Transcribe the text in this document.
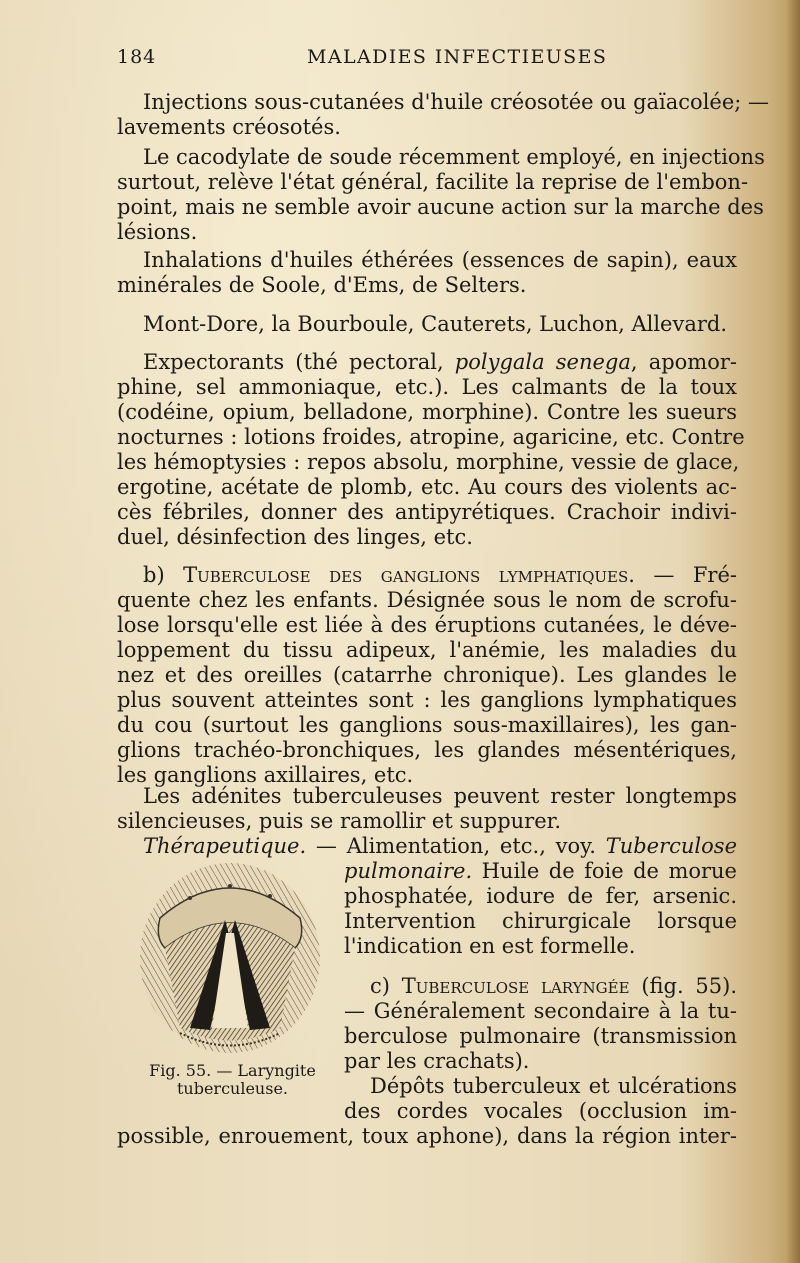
184	MALADIES INFECTIEUSES
Injections sous-cutanées d'huile créosotée ou gaïacolée; —
lavements créosotés.
Le cacodylate de soude récemment employé, en injections
surtout, relève l'état général, facilite la reprise de l'embon-
point, mais ne semble avoir aucune action sur la marche des
lésions.
Inhalations d'huiles éthérées (essences de sapin), eaux
minérales de Soole, d'Ems, de Selters.
Mont-Dore, la Bourboule, Cauterets, Luchon, Allevard.
Expectorants (thé pectoral, polygala senega, apomor-
phine, sel ammoniaque, etc.). Les calmants de la toux
(codéine, opium, belladone, morphine). Contre les sueurs
nocturnes : lotions froides, atropine, agaricine, etc. Contre
les hémoptysies : repos absolu, morphine, vessie de glace,
ergotine, acétate de plomb, etc. Au cours des violents ac-
cès fébriles, donner des antipyrétiques. Crachoir indivi-
duel, désinfection des linges, etc.
b) Tuberculose des ganglions lymphatiques. — Fré-
quente chez les enfants. Désignée sous le nom de scrofu-
lose lorsqu'elle est liée à des éruptions cutanées, le déve-
loppement du tissu adipeux, l'anémie, les maladies du
nez et des oreilles (catarrhe chronique). Les glandes le
plus souvent atteintes sont : les ganglions lymphatiques
du cou (surtout les ganglions sous-maxillaires), les gan-
glions trachéo-bronchiques, les glandes mésentériques,
les ganglions axillaires, etc.
Les adénites tuberculeuses peuvent rester longtemps
silencieuses, puis se ramollir et suppurer.
Thérapeutique. — Alimentation, etc., voy. Tuberculose
pulmonaire. Huile de foie de morue
phosphatée, iodure de fer, arsenic.
Intervention chirurgicale lorsque
l'indication en est formelle.
c) Tuberculose laryngée (fig. 55).
— Généralement secondaire à la tu-
berculose pulmonaire (transmission
par les crachats).
Dépôts tuberculeux et ulcérations
des cordes vocales (occlusion im-
possible, enrouement, toux aphone), dans la région inter-
Fig. 55. — Laryngite
tuberculeuse.
